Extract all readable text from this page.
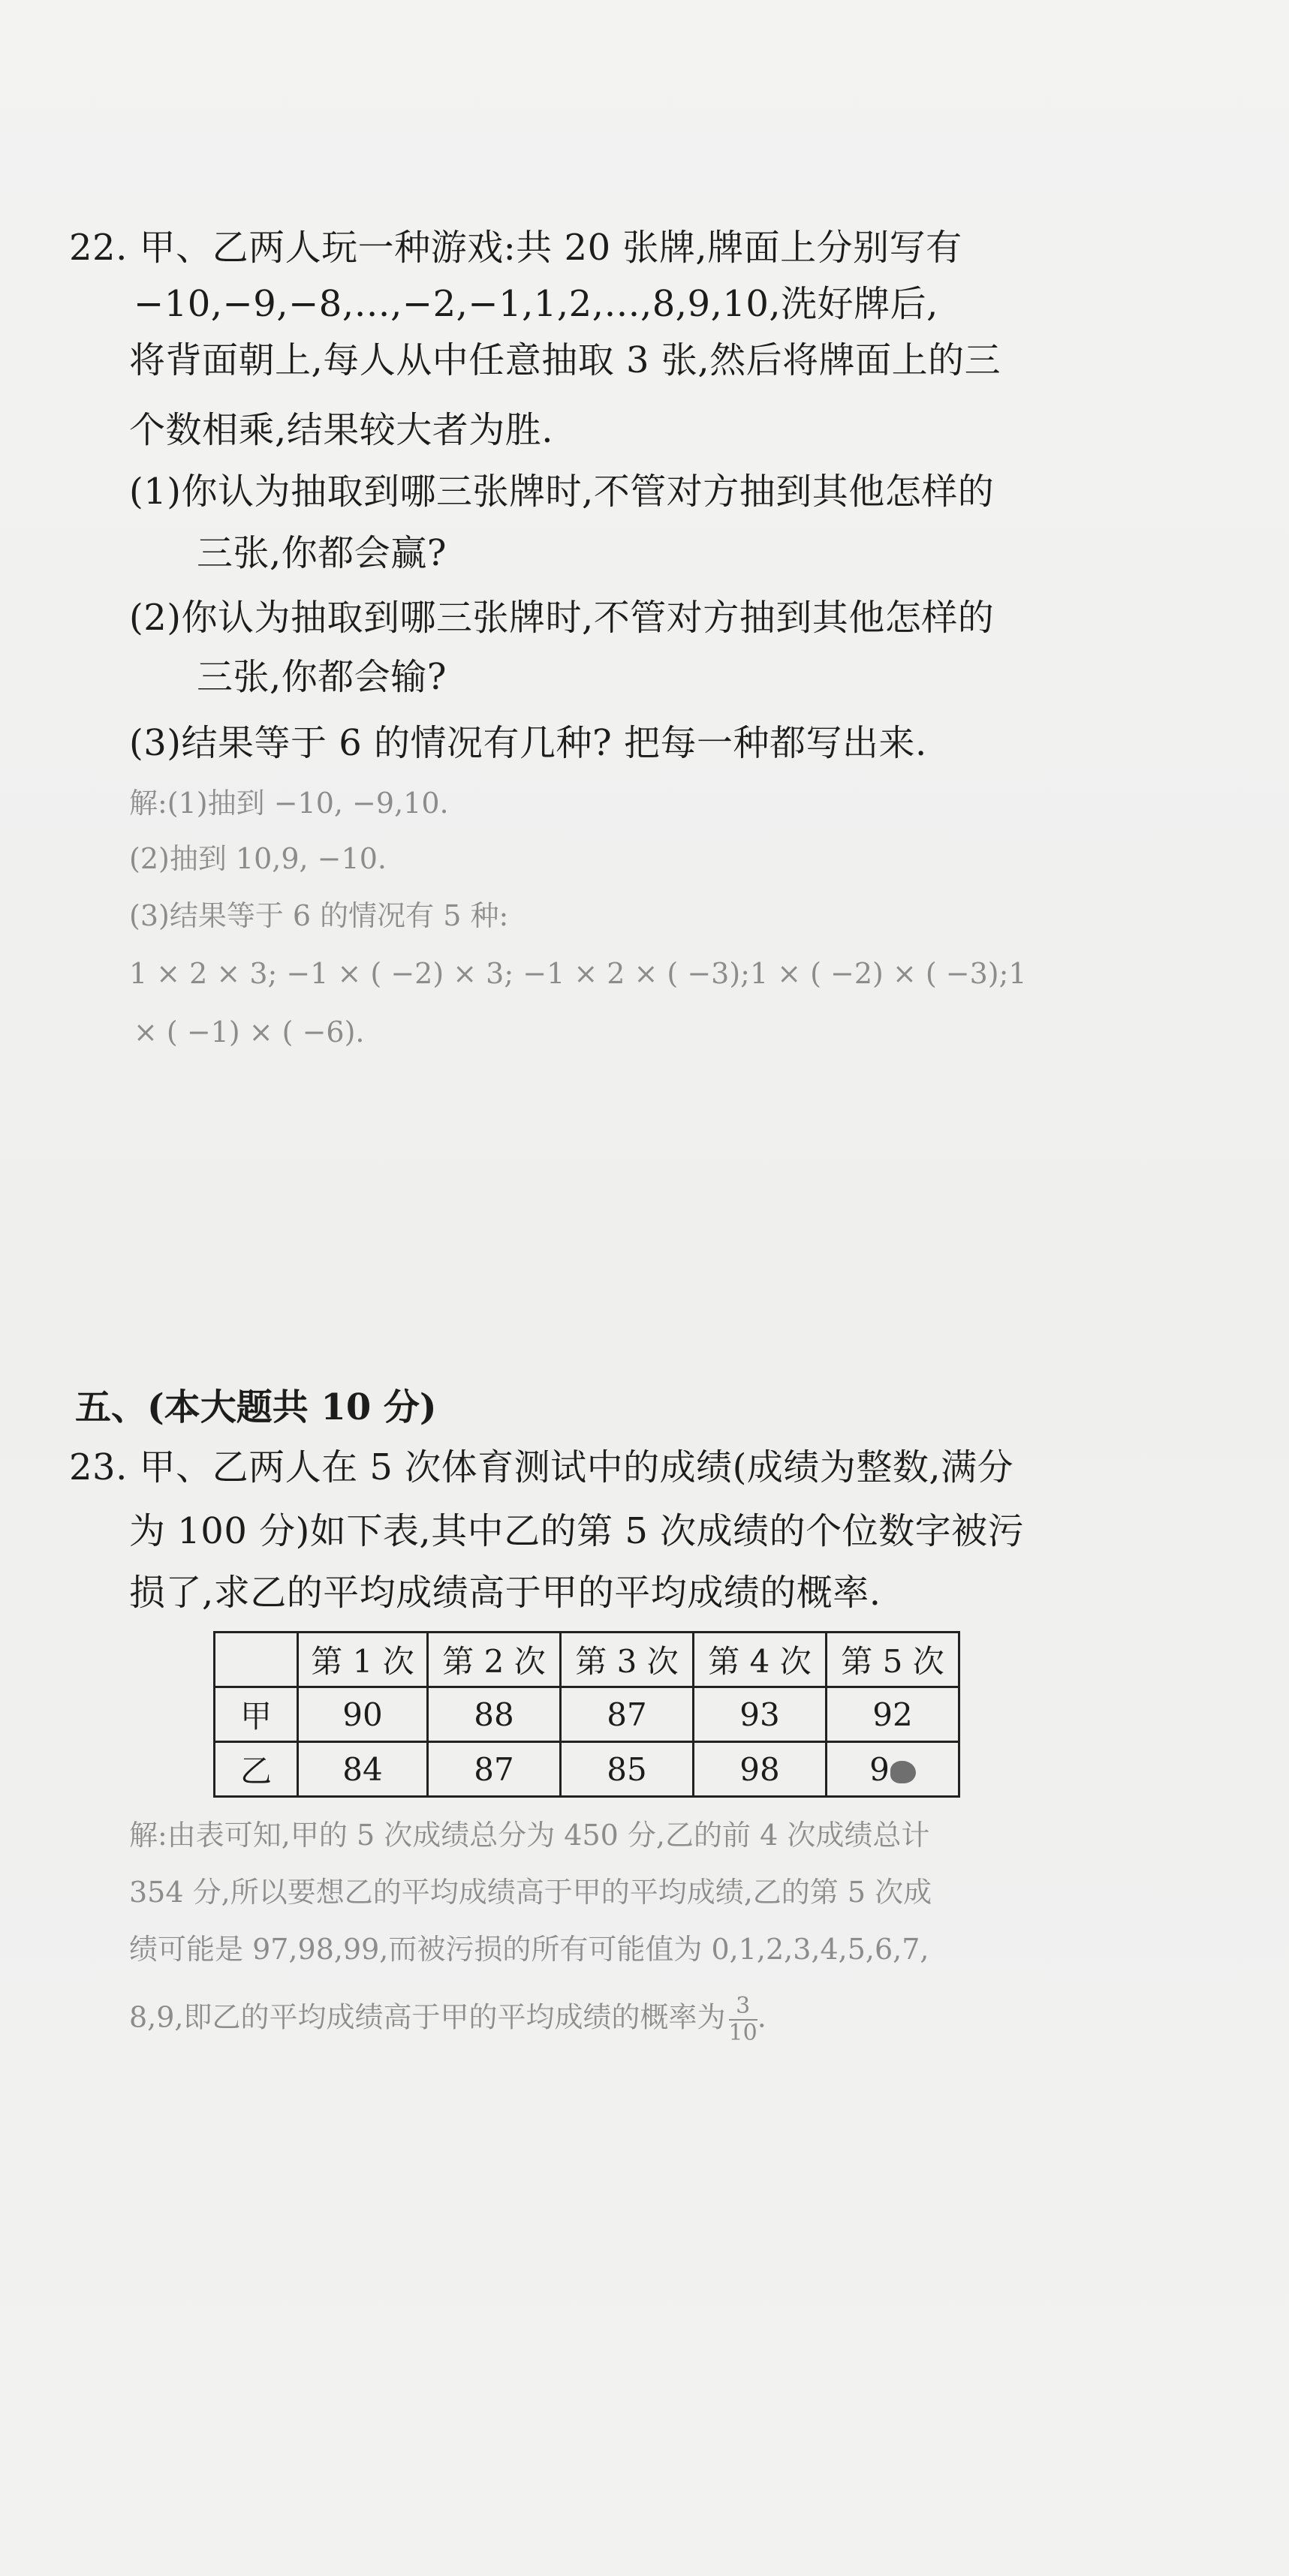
22. 甲、乙两人玩一种游戏:共 20 张牌,牌面上分别写有
−10,−9,−8,…,−2,−1,1,2,…,8,9,10,洗好牌后,
将背面朝上,每人从中任意抽取 3 张,然后将牌面上的三
个数相乘,结果较大者为胜.
(1)你认为抽取到哪三张牌时,不管对方抽到其他怎样的
三张,你都会赢?
(2)你认为抽取到哪三张牌时,不管对方抽到其他怎样的
三张,你都会输?
(3)结果等于 6 的情况有几种? 把每一种都写出来.
解:(1)抽到 −10, −9,10.
(2)抽到 10,9, −10.
(3)结果等于 6 的情况有 5 种:
1 × 2 × 3; −1 × ( −2) × 3; −1 × 2 × ( −3);1 × ( −2) × ( −3);1
× ( −1) × ( −6).
五、(本大题共 10 分)
23. 甲、乙两人在 5 次体育测试中的成绩(成绩为整数,满分
为 100 分)如下表,其中乙的第 5 次成绩的个位数字被污
损了,求乙的平均成绩高于甲的平均成绩的概率.
	第 1 次	第 2 次	第 3 次	第 4 次	第 5 次
甲	90	88	87	93	92
乙	84	87	85	98	9
解:由表可知,甲的 5 次成绩总分为 450 分,乙的前 4 次成绩总计
354 分,所以要想乙的平均成绩高于甲的平均成绩,乙的第 5 次成
绩可能是 97,98,99,而被污损的所有可能值为 0,1,2,3,4,5,6,7,
8,9,即乙的平均成绩高于甲的平均成绩的概率为 $\frac{3}{10}$ .
